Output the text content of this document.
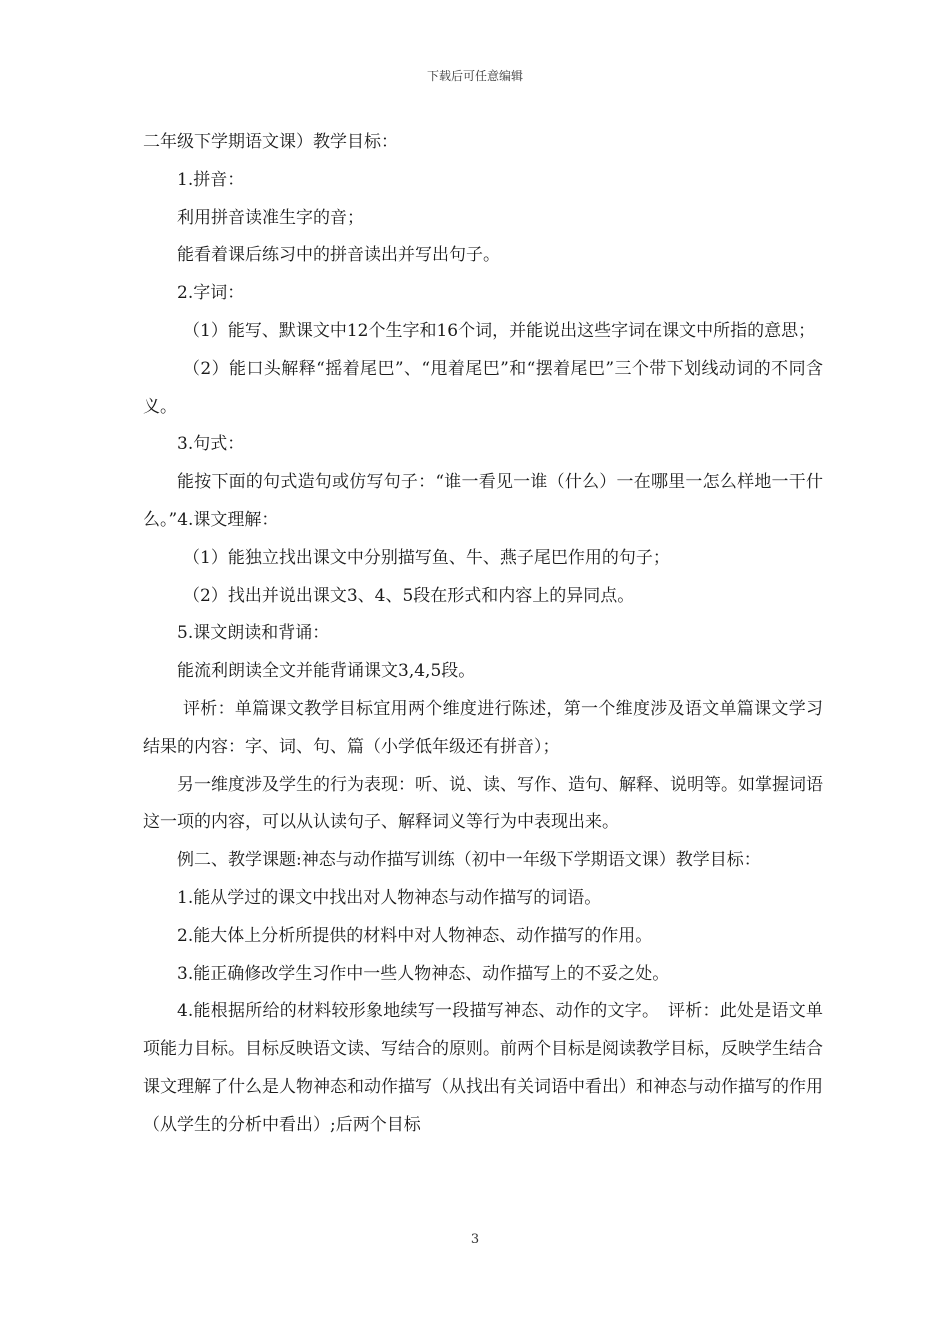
下载后可任意编辑

二年级下学期语文课）教学目标：

1.拼音：

利用拼音读准生字的音；

能看着课后练习中的拼音读出并写出句子。

2.字词：

（1）能写、默课文中12个生字和16个词，并能说出这些字词在课文中所指的意思；

（2）能口头解释“摇着尾巴”、“甩着尾巴”和“摆着尾巴”三个带下划线动词的不同含义。

3.句式：

能按下面的句式造句或仿写句子：“谁一看见一谁（什么）一在哪里一怎么样地一干什么。”4.课文理解：

（1）能独立找出课文中分别描写鱼、牛、燕子尾巴作用的句子；

（2）找出并说出课文3、4、5段在形式和内容上的异同点。

5.课文朗读和背诵：

能流利朗读全文并能背诵课文3,4,5段。

评析：单篇课文教学目标宜用两个维度进行陈述，第一个维度涉及语文单篇课文学习结果的内容：字、词、句、篇（小学低年级还有拼音）；

另一维度涉及学生的行为表现：听、说、读、写作、造句、解释、说明等。如掌握词语这一项的内容，可以从认读句子、解释词义等行为中表现出来。

例二、教学课题:神态与动作描写训练（初中一年级下学期语文课）教学目标：

1.能从学过的课文中找出对人物神态与动作描写的词语。

2.能大体上分析所提供的材料中对人物神态、动作描写的作用。

3.能正确修改学生习作中一些人物神态、动作描写上的不妥之处。

4.能根据所给的材料较形象地续写一段描写神态、动作的文字。　评析：此处是语文单项能力目标。目标反映语文读、写结合的原则。前两个目标是阅读教学目标，反映学生结合课文理解了什么是人物神态和动作描写（从找出有关词语中看出）和神态与动作描写的作用（从学生的分析中看出）;后两个目标

3
